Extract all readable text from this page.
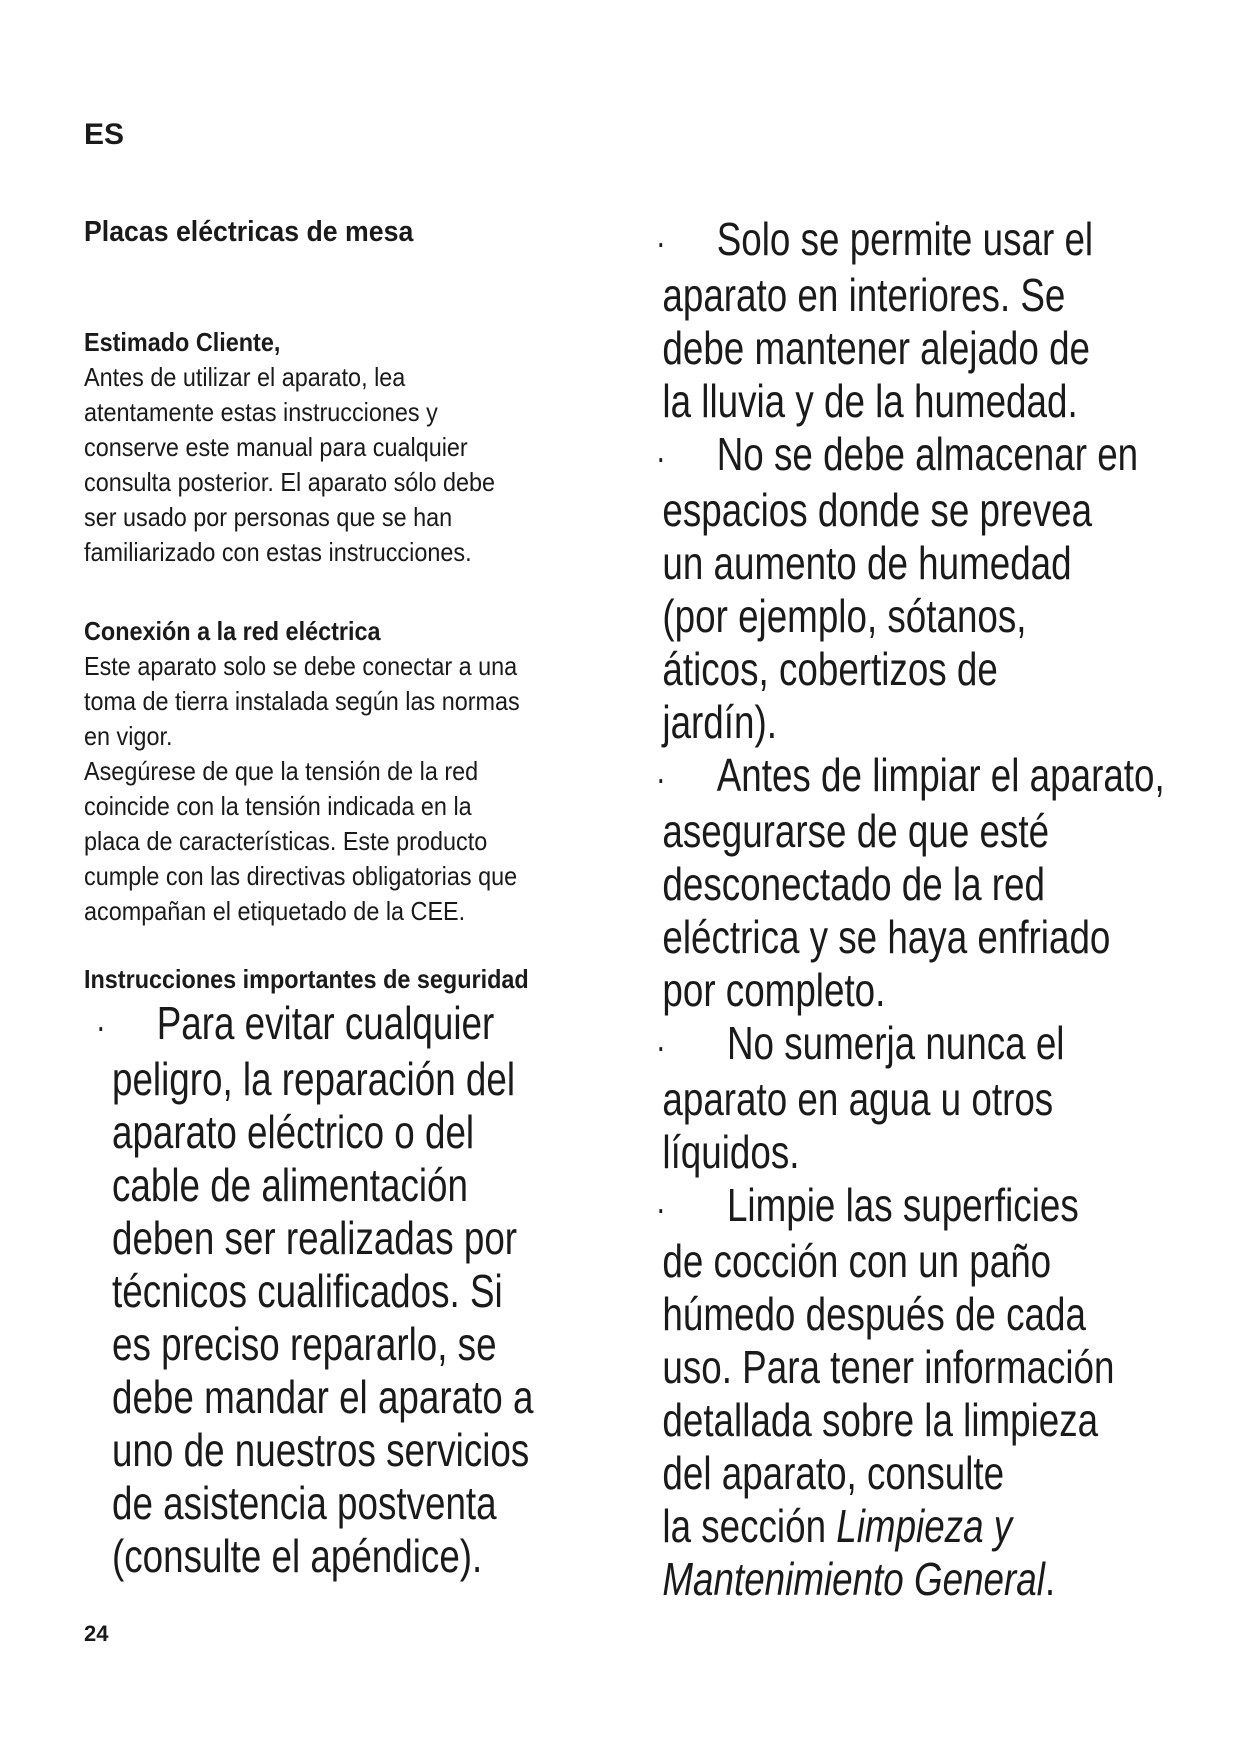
ES
Placas eléctricas de mesa
Estimado Cliente,
Antes de utilizar el aparato, lea
atentamente estas instrucciones y
conserve este manual para cualquier
consulta posterior. El aparato sólo debe
ser usado por personas que se han
familiarizado con estas instrucciones.
Conexión a la red eléctrica
Este aparato solo se debe conectar a una
toma de tierra instalada según las normas
en vigor.
Asegúrese de que la tensión de la red
coincide con la tensión indicada en la
placa de características. Este producto
cumple con las directivas obligatorias que
acompañan el etiquetado de la CEE.
Instrucciones importantes de seguridad
· Para evitar cualquier
peligro, la reparación del
aparato eléctrico o del
cable de alimentación
deben ser realizadas por
técnicos cualificados. Si
es preciso repararlo, se
debe mandar el aparato a
uno de nuestros servicios
de asistencia postventa
(consulte el apéndice).
· Solo se permite usar el
aparato en interiores. Se
debe mantener alejado de
la lluvia y de la humedad.
· No se debe almacenar en
espacios donde se prevea
un aumento de humedad
(por ejemplo, sótanos,
áticos, cobertizos de
jardín).
· Antes de limpiar el aparato,
asegurarse de que esté
desconectado de la red
eléctrica y se haya enfriado
por completo.
· No sumerja nunca el
aparato en agua u otros
líquidos.
· Limpie las superficies
de cocción con un paño
húmedo después de cada
uso. Para tener información
detallada sobre la limpieza
del aparato, consulte
la sección Limpieza y
Mantenimiento General.
24
